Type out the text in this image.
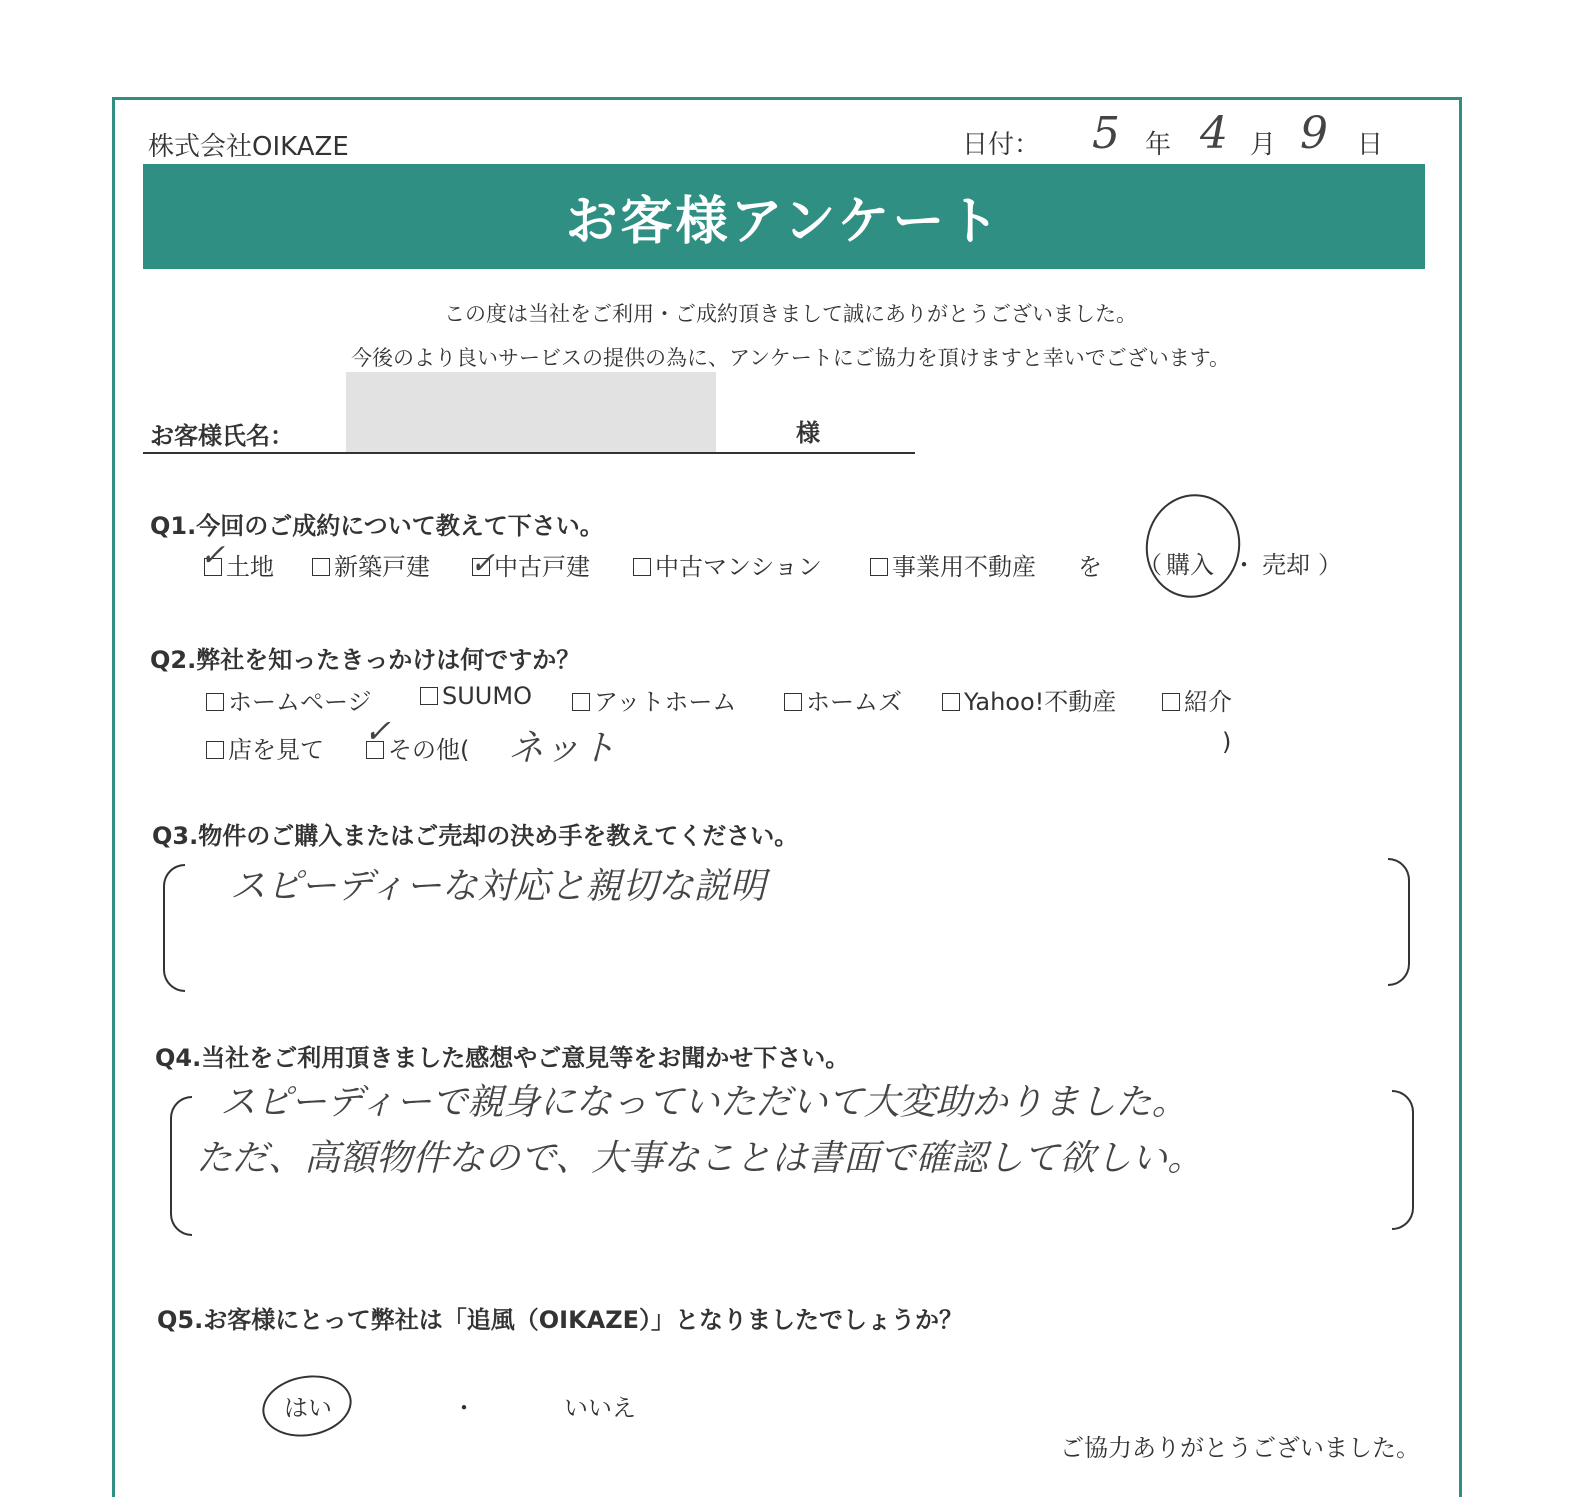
株式会社OIKAZE	日付： 5 年 4 月 9 日
お客様アンケート
この度は当社をご利用・ご成約頂きまして誠にありがとうございました。
今後のより良いサービスの提供の為に、アンケートにご協力を頂けますと幸いでございます。
お客様氏名：	様
Q1.今回のご成約について教えて下さい。
土地	新築戸建	中古戸建	中古マンション	事業用不動産 を （ 購入 ・ 売却 ）
✓	✓
Q2.弊社を知ったきっかけは何ですか？
ホームページ	SUUMO	アットホーム	ホームズ	Yahoo!不動産	紹介
店を見て	その他(
✓	ネット	)
Q3.物件のご購入またはご売却の決め手を教えてください。
スピーディーな対応と親切な説明
Q4.当社をご利用頂きました感想やご意見等をお聞かせ下さい。
スピーディーで親身になっていただいて大変助かりました。
ただ、高額物件なので、大事なことは書面で確認して欲しい。
Q5.お客様にとって弊社は「追風（OIKAZE）」となりましたでしょうか？
はい	・	いいえ
ご協力ありがとうございました。
